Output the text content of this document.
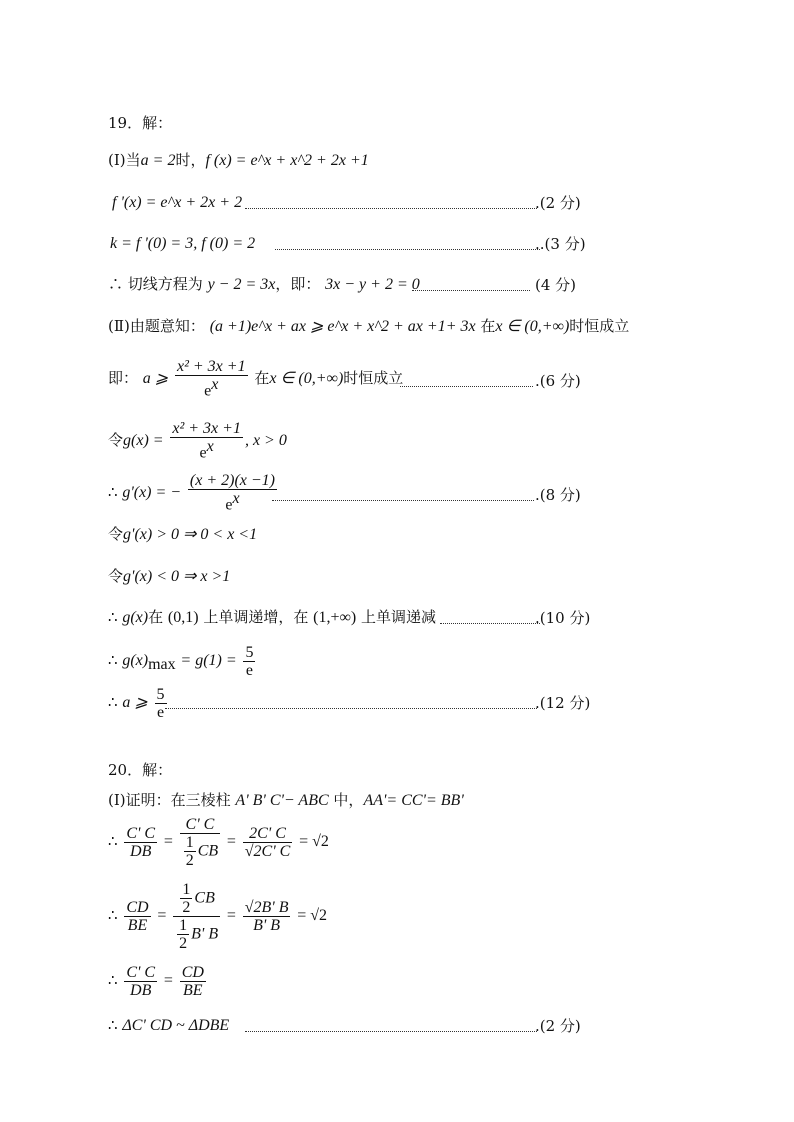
19．解：
(Ⅰ)当a = 2时，f (x) = e^x + x^2 + 2x +1
f '(x) = e^x + 2x + 2	.(2 分)
k = f '(0) = 3, f (0) = 2	..(3 分)
∴ 切线方程为 y − 2 = 3x，即： 3x − y + 2 = 0	(4 分)
(Ⅱ)由题意知： (a +1)e^x + ax ⩾ e^x + x^2 + ax +1+ 3x 在x ∈ (0,+∞)时恒成立
即： a ⩾ $\frac{\text{x² + 3x +1}}{e^x}$ 在x ∈ (0,+∞)时恒成立	.(6 分)
令$g(x) = \frac{\text{x² + 3x +1}}{e^x}$ , x > 0
∴ g'(x) = − $\frac{(x + 2)(x -1)}{e^x}$	.(8 分)
令g'(x) > 0 ⇒ 0 < x <1
令g'(x) < 0 ⇒ x >1
∴ g(x)在 (0,1) 上单调递增，在 (1,+∞) 上单调递减	.(10 分)
∴ $g(x)_{max} = g(1) = \frac{5}{e}$
∴ a ⩾ $\frac{5}{e}$	.(12 分)
20．解：
(Ⅰ)证明：在三棱柱 A' B' C'− ABC 中，AA'= CC'= BB'
∴ $\frac{C' C}{DB} = \frac{C' C}{\frac{1}{2} CB} = \frac{2C' C}{√2C' C} = √2$
∴ $\frac{CD}{BE} = \frac{\frac{1}{2} CB}{\frac{1}{2} B' B} = \frac{√2B' B}{B' B} = √2$
∴ $\frac{C' C}{DB} = \frac{CD}{BE}$
∴ ΔC' CD ~ ΔDBE	.(2 分)
